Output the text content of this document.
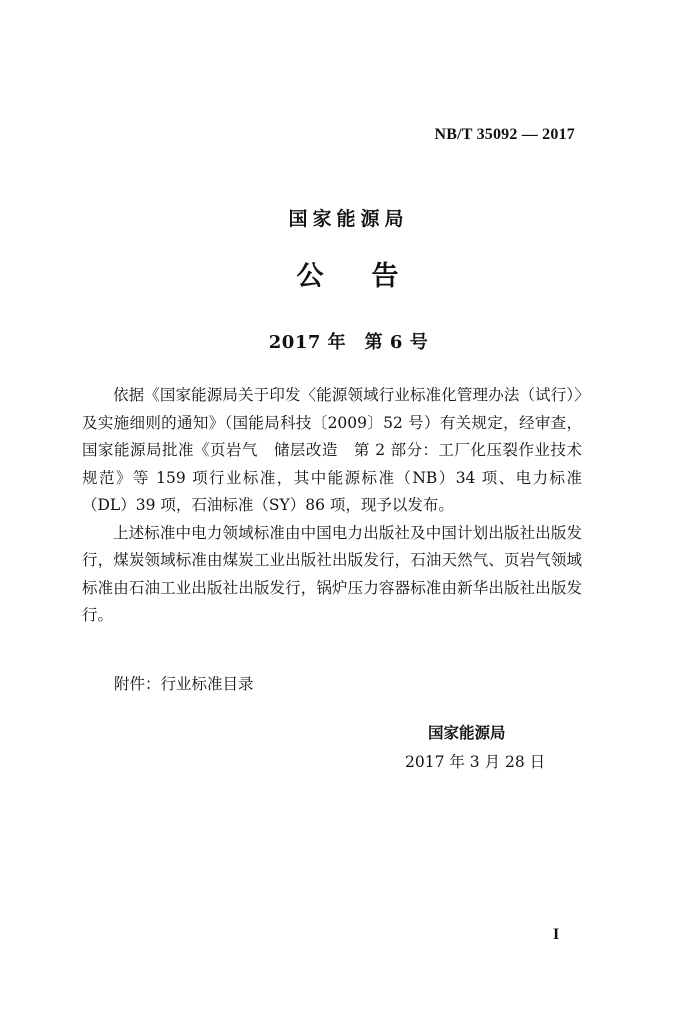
NB/T 35092 — 2017
国家能源局
公 告
2017 年　第 6 号

依据《国家能源局关于印发〈能源领域行业标准化管理办法（试行）〉及实施细则的通知》（国能局科技〔2009〕52 号）有关规定，经审查，国家能源局批准《页岩气　储层改造　第 2 部分：工厂化压裂作业技术规范》等 159 项行业标准，其中能源标准（NB）34 项、电力标准（DL）39 项，石油标准（SY）86 项，现予以发布。

上述标准中电力领域标准由中国电力出版社及中国计划出版社出版发行，煤炭领域标准由煤炭工业出版社出版发行，石油天然气、页岩气领域标准由石油工业出版社出版发行，锅炉压力容器标准由新华出版社出版发行。

附件：行业标准目录
国家能源局
2017 年 3 月 28 日
I
